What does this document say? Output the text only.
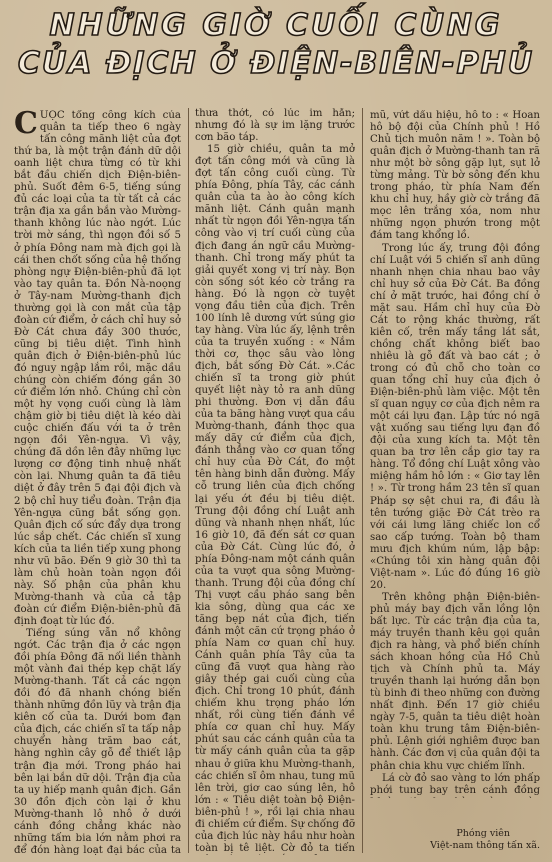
NHỮNG GIỜ CUỐI CÙNG
CỦA ĐỊCH Ở ĐIỆN-BIÊN-PHỦ

CUỘC tổng công kích của quân ta tiếp theo 6 ngày tấn công mãnh liệt của đợt thứ ba, là một trận đánh dữ dội oanh liệt chưa từng có từ khi bắt đầu chiến dịch Điện-biên-phủ. Suốt đêm 6-5, tiếng súng đủ các loại của ta từ tất cả các trận địa xa gần bắn vào Mường-thanh không lúc nào ngớt. Lúc trời mờ sáng, thì ngọn đồi số 5 ở phía Đông nam mà địch gọi là cái then chốt sống của hệ thống phòng ngự Điện-biên-phủ đã lọt vào tay quân ta. Đồn Nà-noọng ở Tây-nam Mường-thanh địch thường gọi là con mắt của tập đoàn cứ điểm, ở cách chỉ huy sở Đờ Cát chưa đầy 300 thước, cũng bị tiêu diệt. Tình hình quân địch ở Điện-biên-phủ lúc đó nguy ngập lắm rồi, mặc dầu chúng còn chiếm đóng gần 30 cứ điểm lớn nhỏ. Chúng chỉ còn một hy vọng cuối cùng là làm chậm giờ bị tiêu diệt là kéo dài cuộc chiến đấu với ta ở trên ngọn đồi Yên-ngựa. Vì vậy, chúng đã dồn lên đây những lực lượng cơ động tinh nhuệ nhất còn lại. Nhưng quân ta đã tiêu diệt ở đây trên 5 đại đội địch và 2 bộ chỉ huy tiểu đoàn. Trận địa Yên-ngựa cũng bắt sống gọn. Quân địch cố sức đẩy dựa trong lúc sắp chết. Các chiến sĩ xung kích của ta liền tiếp xung phong như vũ bão. Đến 9 giờ 30 thì ta làm chủ hoàn toàn ngọn đồi này. Số phận của phân khu Mường-thanh và của cả tập đoàn cứ điểm Điện-biên-phủ đã định đoạt từ lúc đó.

Tiếng súng vẫn nổ không ngớt. Các trận địa ở các ngọn đồi phía Đông đã nối liền thành một vành đai thép kẹp chặt lấy Mường-thanh. Tất cả các ngọn đồi đó đã nhanh chóng biến thành những đồn lũy và trận địa kiên cố của ta. Dưới bom đạn của địch, các chiến sĩ ta tấp nập chuyển hàng trăm bao cát, hàng nghìn cây gỗ để thiết lập trận địa mới. Trong pháo hai bên lại bắn dữ dội. Trận địa của ta uy hiếp mạnh quân địch. Gần 30 đồn địch còn lại ở khu Mường-thanh lô nhô ở dưới cánh đồng chẳng khác nào những tấm bia lớn nằm phơi ra để đón hàng loạt đại bác của ta

thưa thớt, có lúc im hẳn; nhưng đó là sự im lặng trước cơn bão táp.

15 giờ chiều, quân ta mở đợt tấn công mới và cũng là đợt tấn công cuối cùng. Từ phía Đông, phía Tây, các cánh quân của ta ào ào công kích mãnh liệt. Cánh quân mạnh nhất từ ngọn đồi Yên-ngựa tấn công vào vị trí cuối cùng của địch đang án ngữ cầu Mường-thanh. Chỉ trong mấy phút ta giải quyết xong vị trí này. Bọn còn sống sót kéo cờ trắng ra hàng. Đó là ngọn cờ tuyệt vọng đầu tiên của địch. Trên 100 lính lê dương vứt súng giơ tay hàng. Vừa lúc ấy, lệnh trên của ta truyền xuống : « Nắm thời cơ, thọc sâu vào lòng địch, bắt sống Đờ Cát. ».Các chiến sĩ ta trong giờ phút quyết liệt này tỏ ra anh dũng phi thường. Đơn vị dẫn đầu của ta băng hàng vượt qua cầu Mường-thanh, đánh thọc qua mấy dãy cứ điểm của địch, đánh thẳng vào cơ quan tổng chỉ huy của Đờ Cát, đo một tên hàng binh dẫn đường. Mấy cỗ trung liên của địch chống lại yếu ớt đều bị tiêu diệt. Trung đội đồng chí Luật anh dũng và nhanh nhẹn nhất, lúc 16 giờ 10, đã đến sát cơ quan của Đờ Cát. Cùng lúc đó, ở phía Đông-nam một cánh quân của ta vượt qua sông Mường-thanh. Trung đội của đồng chí Thị vượt cầu pháo sang bên kia sông, dùng qua các xe tăng bẹp nát của địch, tiến đánh một căn cứ trọng pháo ở phía Nam cơ quan chỉ huy. Cánh quân phía Tây của ta cũng đã vượt qua hàng rào giây thép gai cuối cùng của địch. Chỉ trong 10 phút, đánh chiếm khu trọng pháo lớn nhất, rồi cùng tiến đánh về phía cơ quan chỉ huy. Mấy phút sau các cánh quân của ta từ mấy cánh quân của ta gặp nhau ở giữa khu Mường-thanh, các chiến sĩ ôm nhau, tung mũ lên trời, giơ cao súng lên, hô lớn : « Tiêu diệt toàn bộ Điện-biên-phủ ! », rồi lại chia nhau đi chiếm cứ điểm. Sự chống đỡ của địch lúc này hầu như hoàn toàn bị tê liệt. Cờ đỏ ta tiến

mũ, vứt dấu hiệu, hô to : « Hoan hô bộ đội của Chính phủ ! Hồ Chủ tịch muôn năm ! ». Toàn bộ quân địch ở Mường-thanh tan rã như một bờ sông gặp lụt, sụt lở từng mảng. Từ bờ sông đến khu trong pháo, từ phía Nam đến khu chỉ huy, hầy giờ cờ trắng đã mọc lên trắng xóa, nom như những ngọn phướn trong một đám tang khổng lồ.

Trong lúc ấy, trung đội đồng chí Luật với 5 chiến sĩ anh dũng nhanh nhẹn chia nhau bao vây chỉ huy sở của Đờ Cát. Ba đồng chí ở mặt trước, hai đồng chí ở mặt sau. Hầm chỉ huy của Đờ Cát to rộng khác thường, rất kiên cố, trên mấy tầng lát sắt, chồng chất không biết bao nhiêu là gỗ đất và bao cát ; ở trong có đủ chỗ cho toàn cơ quan tổng chỉ huy của địch ở Điện-biên-phủ làm việc. Một tên sĩ quan ngụy cơ của địch nêm ra một cái lựu đạn. Lập tức nó ngã vật xuống sau tiếng lựu đạn đồ đội của xung kích ta. Một tên quan ba trơ lên cắp giơ tay ra hàng. Tổ đồng chí Luật xông vào miệng hầm hô lớn : « Giơ tay lên ! ». Từ trong hầm 23 tên sĩ quan Pháp sợ sệt chui ra, đi đầu là tên tướng giặc Đờ Cát trèo ra với cái lưng lăng chiếc lon cổ sao cấp tướng. Toàn bộ tham mưu địch khúm núm, lập bập: «Chúng tôi xin hàng quân đội Việt-nam ». Lúc đó đúng 16 giờ 20.

Trên không phận Điện-biên-phủ máy bay địch vẫn lồng lộn bất lực. Từ các trận địa của ta, máy truyền thanh kêu gọi quân địch ra hàng, và phổ biến chính sách khoan hồng của Hồ Chủ tịch và Chính phủ ta. Máy truyền thanh lại hướng dẫn bọn tù binh đi theo những con đường nhất định. Đến 17 giờ chiều ngày 7-5, quân ta tiêu diệt hoàn toàn khu trung tâm Điện-biên-phủ. Lệnh giới nghiêm được ban hành. Các đơn vị của quân đội ta phân chia khu vực chiếm lĩnh.

Lá cờ đỏ sao vàng to lớn phấp phới tung bay trên cánh đồng

Phóng viên
Việt-nam thông tấn xã.
